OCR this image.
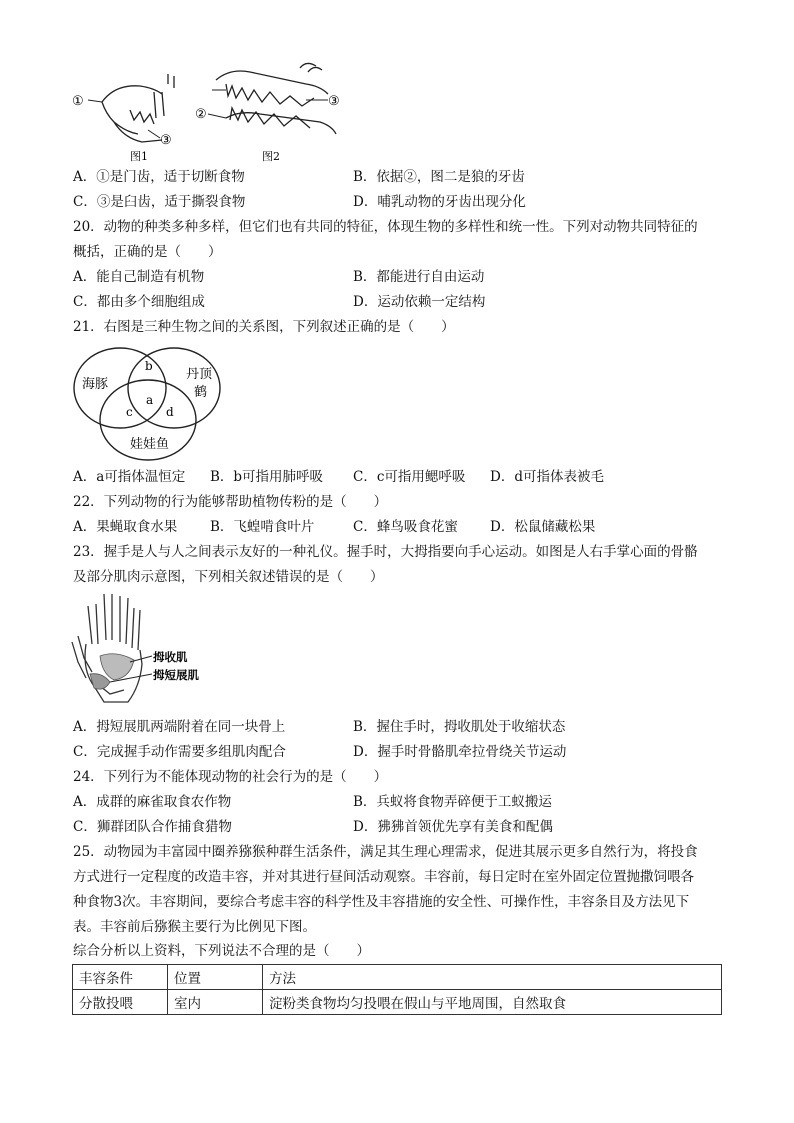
①
③
图1
②
③
图2
A．①是门齿，适于切断食物	B．依据②，图二是狼的牙齿
C．③是臼齿，适于撕裂食物	D．哺乳动物的牙齿出现分化
20．动物的种类多种多样，但它们也有共同的特征，体现生物的多样性和统一性。下列对动物共同特征的
概括，正确的是（　　）
A．能自己制造有机物	B．都能进行自由运动
C．都由多个细胞组成	D．运动依赖一定结构
21．右图是三种生物之间的关系图，下列叙述正确的是（　　）
海豚
丹顶
鹤
娃娃鱼
b
a
c	d
A．a可指体温恒定 B．b可指用肺呼吸 C．c可指用鳃呼吸 D．d可指体表被毛
22．下列动物的行为能够帮助植物传粉的是（　　）
A．果蝇取食水果 B．飞蝗啃食叶片	C．蜂鸟吸食花蜜 D．松鼠储藏松果
23．握手是人与人之间表示友好的一种礼仪。握手时，大拇指要向手心运动。如图是人右手掌心面的骨骼
及部分肌肉示意图，下列相关叙述错误的是（　　）
拇收肌
拇短展肌
A．拇短展肌两端附着在同一块骨上	B．握住手时，拇收肌处于收缩状态
C．完成握手动作需要多组肌肉配合	D．握手时骨骼肌牵拉骨绕关节运动
24．下列行为不能体现动物的社会行为的是（　　）
A．成群的麻雀取食农作物	B．兵蚁将食物弄碎便于工蚁搬运
C．狮群团队合作捕食猎物	D．狒狒首领优先享有美食和配偶
25．动物园为丰富园中圈养猕猴种群生活条件，满足其生理心理需求，促进其展示更多自然行为，将投食
方式进行一定程度的改造丰容，并对其进行昼间活动观察。丰容前，每日定时在室外固定位置抛撒饲喂各
种食物3次。丰容期间，要综合考虑丰容的科学性及丰容措施的安全性、可操作性，丰容条目及方法见下
表。丰容前后猕猴主要行为比例见下图。
综合分析以上资料，下列说法不合理的是（　　）
丰容条件	位置	方法
分散投喂	室内	淀粉类食物均匀投喂在假山与平地周围，自然取食
